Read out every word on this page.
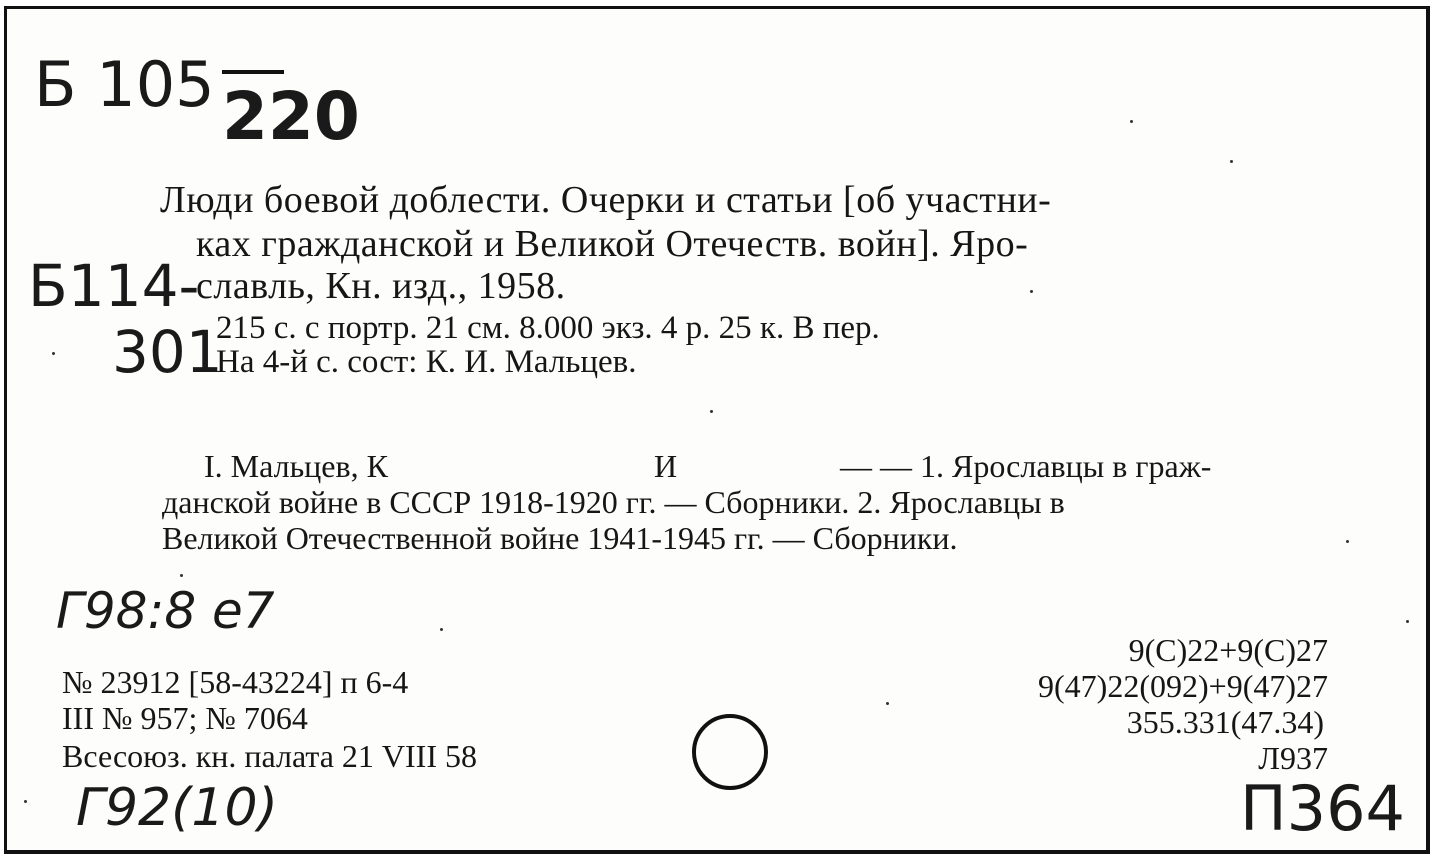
Б 105 220
Б114-
301
Люди боевой доблести. Очерки и статьи [об участни-
ках гражданской и Великой Отечеств. войн]. Яро-
славль, Кн. изд., 1958.
215 с. с портр. 21 см. 8.000 экз. 4 р. 25 к. В пер.
На 4-й с. сост: К. И. Мальцев.
I. Мальцев, К	И	— — 1. Ярославцы в граж-
данской войне в СССР 1918-1920 гг. — Сборники. 2. Ярославцы в
Великой Отечественной войне 1941-1945 гг. — Сборники.
Г98:8 е7
Г92(10)	П364
№ 23912 [58-43224] п 6-4
III № 957; № 7064
Всесоюз. кн. палата 21 VIII 58
9(С)22+9(С)27
9(47)22(092)+9(47)27
355.331(47.34)
Л937
